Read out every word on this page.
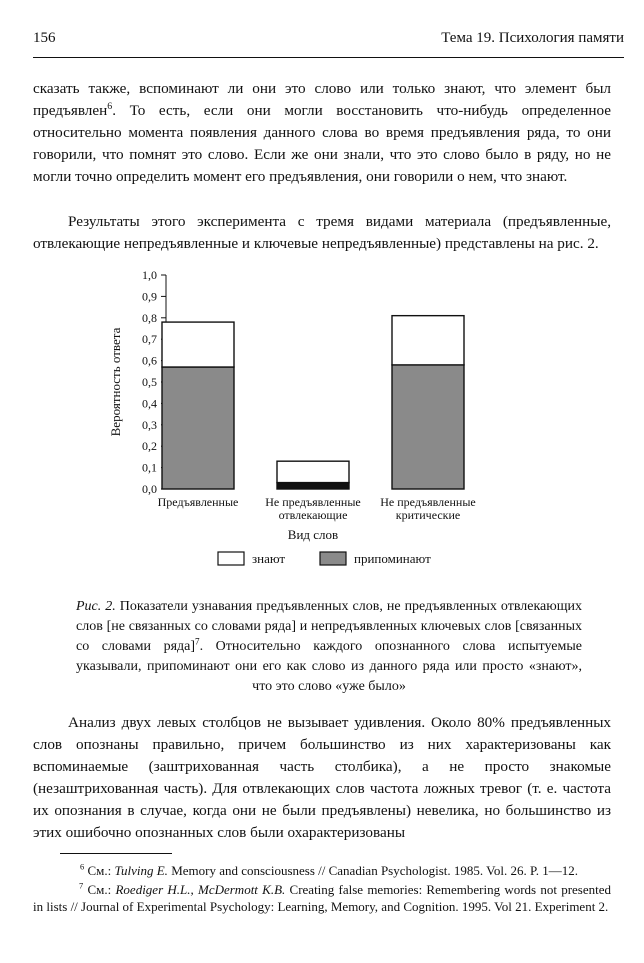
156	Тема 19. Психология памяти

сказать также, вспоминают ли они это слово или только знают, что элемент был предъявлен$^6$. То есть, если они могли восстановить что-нибудь определенное относительно момента появления данного слова во время предъявления ряда, то они говорили, что помнят это слово. Если же они знали, что это слово было в ряду, но не могли точно определить момент его предъявления, они говорили о нем, что знают.

Результаты этого эксперимента с тремя видами материала (предъявленные, отвлекающие непредъявленные и ключевые непредъявленные) представлены на рис. 2.

0,0
0,1
0,2
0,3
0,4
0,5
0,6
0,7
0,8
0,9
1,0
Вероятность ответа
Предъявленные Не предъявленные
отвлекающие
Не предъявленные
критические
Вид слов
знают	припоминают

Рис. 2. Показатели узнавания предъявленных слов, не предъявленных отвлекающих слов [не связанных со словами ряда] и непредъявленных ключевых слов [связанных со словами ряда]$^7$. Относительно каждого опознанного слова испытуемые указывали, припоминают они его как слово из данного ряда или просто «знают», что это слово «уже было»

Анализ двух левых столбцов не вызывает удивления. Около 80% предъявленных слов опознаны правильно, причем большинство из них характеризованы как вспоминаемые (заштрихованная часть столбика), а не просто знакомые (незаштрихованная часть). Для отвлекающих слов частота ложных тревог (т. е. частота их опознания в случае, когда они не были предъявлены) невелика, но большинство из этих ошибочно опознанных слов были охарактеризованы

$^6$ См.: Tulving E. Memory and consciousness // Canadian Psychologist. 1985. Vol. 26. P. 1—12.

$^7$ См.: Roediger H.L., McDermott K.B. Creating false memories: Remembering words not presented in lists // Journal of Experimental Psychology: Learning, Memory, and Cognition. 1995. Vol 21. Experiment 2.
